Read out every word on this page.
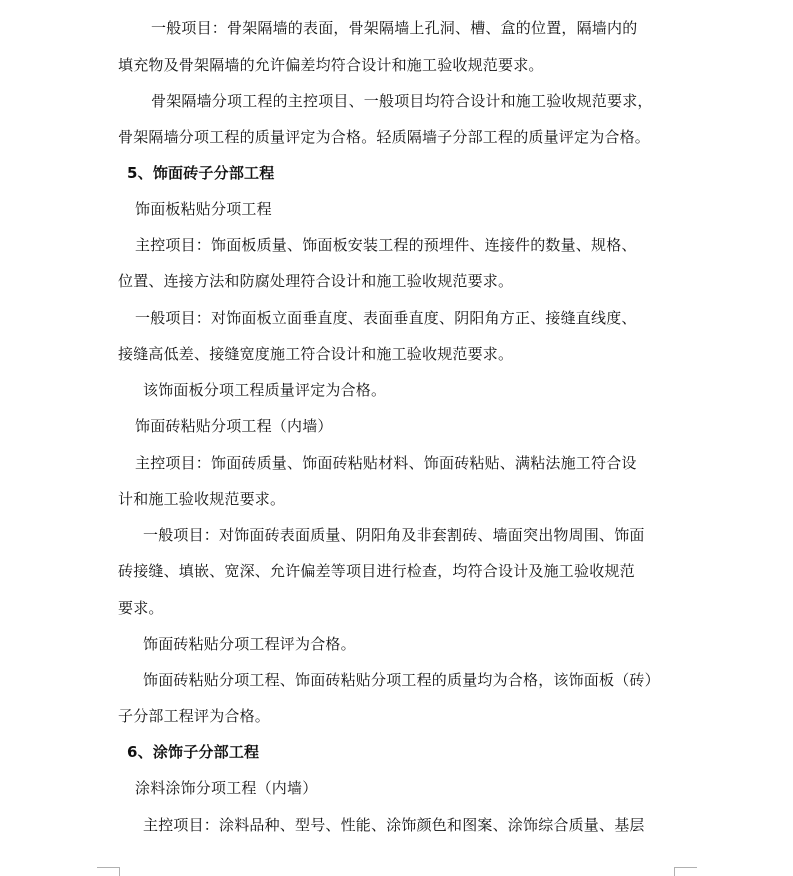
一般项目：骨架隔墙的表面，骨架隔墙上孔洞、槽、盒的位置，隔墙内的
填充物及骨架隔墙的允许偏差均符合设计和施工验收规范要求。
骨架隔墙分项工程的主控项目、一般项目均符合设计和施工验收规范要求，
骨架隔墙分项工程的质量评定为合格。轻质隔墙子分部工程的质量评定为合格。
5、饰面砖子分部工程
饰面板粘贴分项工程
主控项目：饰面板质量、饰面板安装工程的预埋件、连接件的数量、规格、
位置、连接方法和防腐处理符合设计和施工验收规范要求。
一般项目：对饰面板立面垂直度、表面垂直度、阴阳角方正、接缝直线度、
接缝高低差、接缝宽度施工符合设计和施工验收规范要求。
该饰面板分项工程质量评定为合格。
饰面砖粘贴分项工程（内墙）
主控项目：饰面砖质量、饰面砖粘贴材料、饰面砖粘贴、满粘法施工符合设
计和施工验收规范要求。
一般项目：对饰面砖表面质量、阴阳角及非套割砖、墙面突出物周围、饰面
砖接缝、填嵌、宽深、允许偏差等项目进行检查，均符合设计及施工验收规范
要求。
饰面砖粘贴分项工程评为合格。
饰面砖粘贴分项工程、饰面砖粘贴分项工程的质量均为合格，该饰面板（砖）
子分部工程评为合格。
6、涂饰子分部工程
涂料涂饰分项工程（内墙）
主控项目：涂料品种、型号、性能、涂饰颜色和图案、涂饰综合质量、基层
